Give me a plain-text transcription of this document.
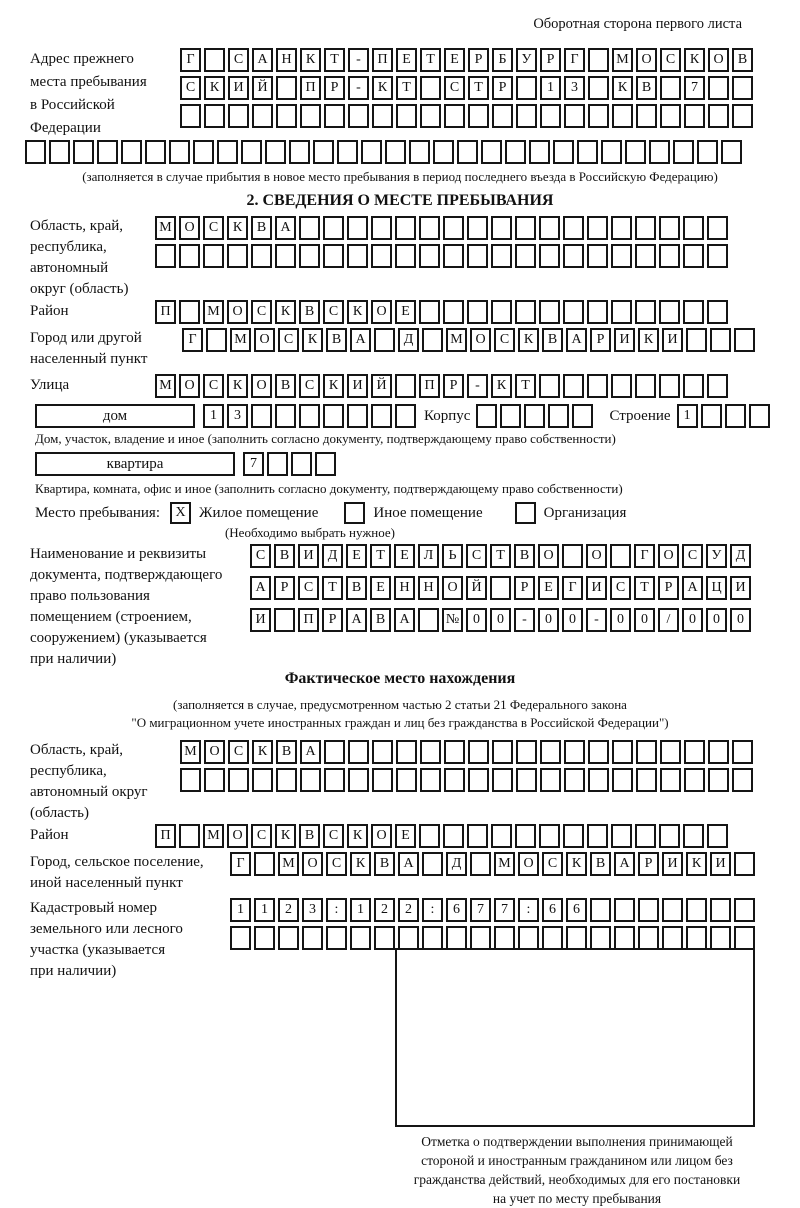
Оборотная сторона первого листа
Адрес прежнего
места пребывания
в Российской
Федерации
Г	С	А Н	К	Т	-	П	Е	Т	Е	Р	Б	У	Р	Г	М О	С	К	О	В
С	К	И Й	П	Р	-	К	Т	С	Т	Р	1	3	К	В	7
(заполняется в случае прибытия в новое место пребывания в период последнего въезда в Российскую Федерацию)
2. СВЕДЕНИЯ О МЕСТЕ ПРЕБЫВАНИЯ
Область, край,
республика,
автономный
округ (область)
М О	С	К	В	А
Район	П	М О	С	К	В	С	К	О	Е
Город или другой
населенный пункт
Г	М О	С	К	В	А	Д	М О	С	К	В	А	Р	И	К	И
Улица	М О	С	К	О	В	С	К	И Й	П	Р	-	К	Т
дом	1	3	Корпус	Строение 1
Дом, участок, владение и иное (заполнить согласно документу, подтверждающему право собственности)
квартира	7
Квартира, комната, офис и иное (заполнить согласно документу, подтверждающему право собственности)
Место пребывания:	X Жилое помещение	Иное помещение	Организация
(Необходимо выбрать нужное)
Наименование и реквизиты
документа, подтверждающего
право пользования
помещением (строением,
сооружением) (указывается
при наличии)
С	В	И	Д	Е	Т	Е	Л	Ь	С	Т	В	О	О	Г	О	С	У	Д
А	Р	С	Т	В	Е	Н Н О Й	Р	Е	Г	И	С	Т	Р	А Ц И
И	П	Р	А	В	А	№ 0	0	-	0	0	-	0	0	/	0	0	0
Фактическое место нахождения
(заполняется в случае, предусмотренном частью 2 статьи 21 Федерального закона
"О миграционном учете иностранных граждан и лиц без гражданства в Российской Федерации")
Область, край,
республика,
автономный округ
(область)
М О	С	К	В	А
Район	П	М О	С	К	В	С	К	О	Е
Город, сельское поселение,
иной населенный пункт
Г	М О	С	К	В	А	Д	М О	С	К	В	А	Р	И	К	И
Кадастровый номер
земельного или лесного
участка (указывается
при наличии)
1	1	2	3	:	1	2	2	:	6	7	7	:	6	6
Отметка о подтверждении выполнения принимающей
стороной и иностранным гражданином или лицом без
гражданства действий, необходимых для его постановки
на учет по месту пребывания
